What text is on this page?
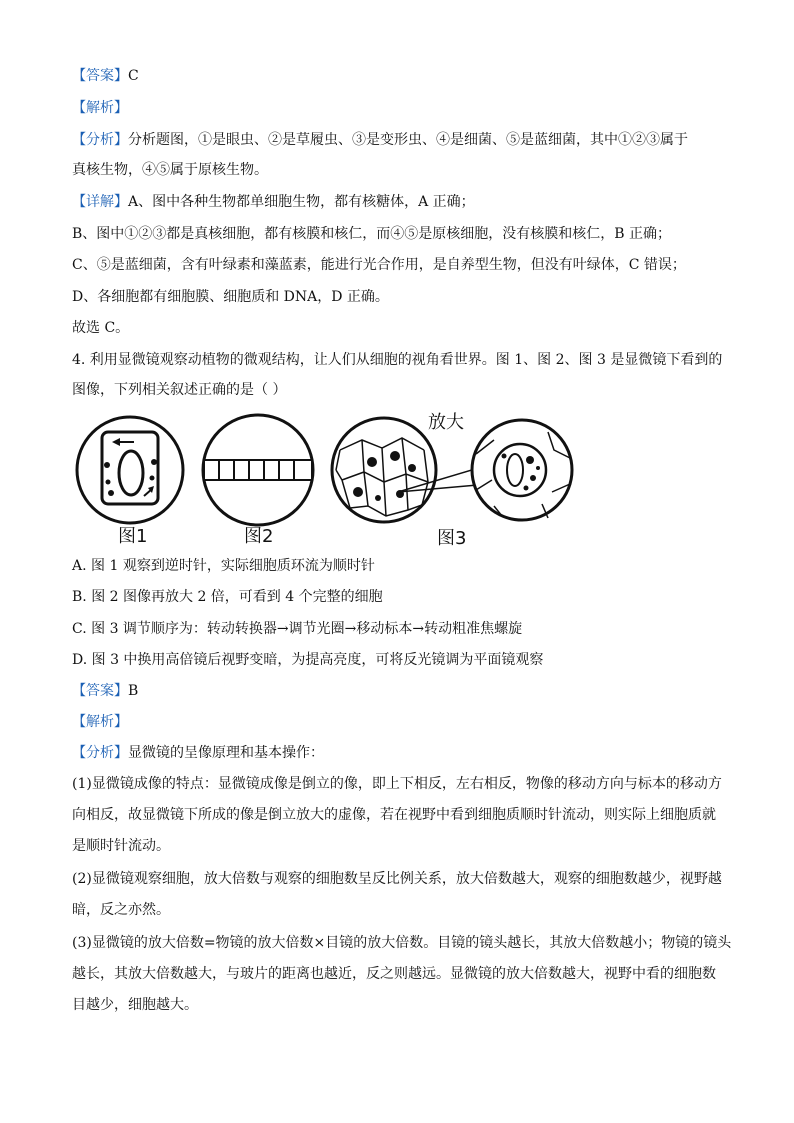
【答案】C
【解析】
【分析】分析题图，①是眼虫、②是草履虫、③是变形虫、④是细菌、⑤是蓝细菌，其中①②③属于
真核生物，④⑤属于原核生物。
【详解】A、图中各种生物都单细胞生物，都有核糖体，A 正确；
B、图中①②③都是真核细胞，都有核膜和核仁，而④⑤是原核细胞，没有核膜和核仁，B 正确；
C、⑤是蓝细菌，含有叶绿素和藻蓝素，能进行光合作用，是自养型生物，但没有叶绿体，C 错误；
D、各细胞都有细胞膜、细胞质和 DNA，D 正确。
故选 C。
4. 利用显微镜观察动植物的微观结构，让人们从细胞的视角看世界。图 1、图 2、图 3 是显微镜下看到的
图像，下列相关叙述正确的是（ ）
图1	图2	图3
放大
A. 图 1 观察到逆时针，实际细胞质环流为顺时针
B. 图 2 图像再放大 2 倍，可看到 4 个完整的细胞
C. 图 3 调节顺序为：转动转换器→调节光圈→移动标本→转动粗准焦螺旋
D. 图 3 中换用高倍镜后视野变暗，为提高亮度，可将反光镜调为平面镜观察
【答案】B
【解析】
【分析】显微镜的呈像原理和基本操作：
(1)显微镜成像的特点：显微镜成像是倒立的像，即上下相反，左右相反，物像的移动方向与标本的移动方
向相反，故显微镜下所成的像是倒立放大的虚像，若在视野中看到细胞质顺时针流动，则实际上细胞质就
是顺时针流动。
(2)显微镜观察细胞，放大倍数与观察的细胞数呈反比例关系，放大倍数越大，观察的细胞数越少，视野越
暗，反之亦然。
(3)显微镜的放大倍数=物镜的放大倍数×目镜的放大倍数。目镜的镜头越长，其放大倍数越小；物镜的镜头
越长，其放大倍数越大，与玻片的距离也越近，反之则越远。显微镜的放大倍数越大，视野中看的细胞数
目越少，细胞越大。
